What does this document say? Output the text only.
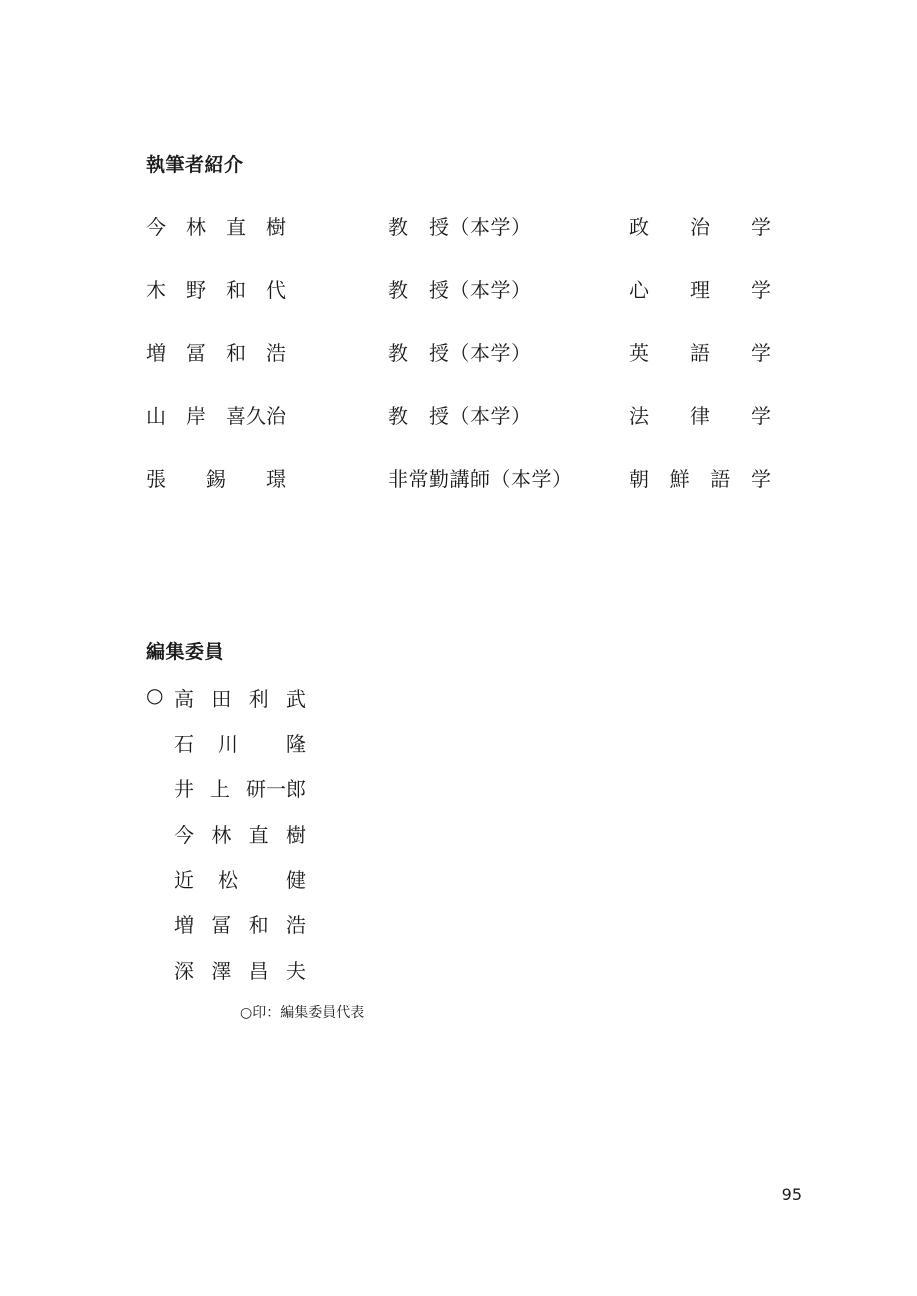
執筆者紹介
今 林 直 樹	教　授（本学）	政 治 学
木 野 和 代	教　授（本学）	心 理 学
増 冨 和 浩	教　授（本学）	英 語 学
山 岸 喜久治	教　授（本学）	法 律 学
張 錫 璟	非常勤講師（本学）	朝 鮮 語 学
編集委員
○ 高 田 利 武
石 川 隆
井 上 研一郎
今 林 直 樹
近 松 健
増 冨 和 浩
深 澤 昌 夫
○印：編集委員代表
95
